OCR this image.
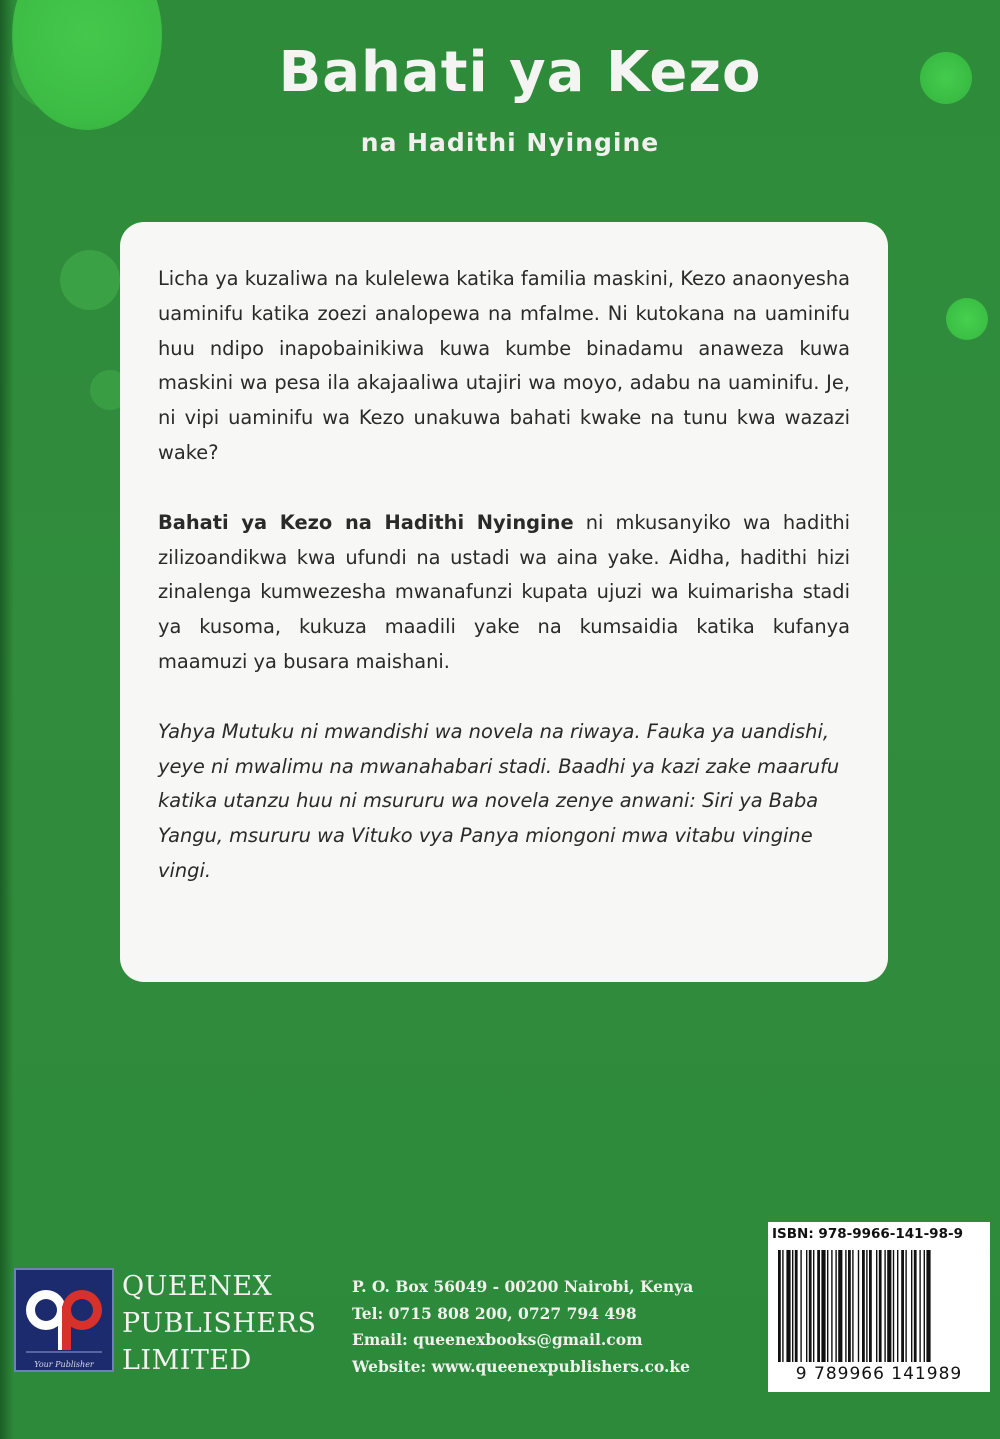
Bahati ya Kezo
na Hadithi Nyingine

Licha ya kuzaliwa na kulelewa katika familia maskini, Kezo anaonyesha uaminifu katika zoezi analopewa na mfalme. Ni kutokana na uaminifu huu ndipo inapobainikiwa kuwa kumbe binadamu anaweza kuwa maskini wa pesa ila akajaaliwa utajiri wa moyo, adabu na uaminifu. Je, ni vipi uaminifu wa Kezo unakuwa bahati kwake na tunu kwa wazazi wake?

Bahati ya Kezo na Hadithi Nyingine ni mkusanyiko wa hadithi zilizoandikwa kwa ufundi na ustadi wa aina yake. Aidha, hadithi hizi zinalenga kumwezesha mwanafunzi kupata ujuzi wa kuimarisha stadi ya kusoma, kukuza maadili yake na kumsaidia katika kufanya maamuzi ya busara maishani.

Yahya Mutuku ni mwandishi wa novela na riwaya. Fauka ya uandishi, yeye ni mwalimu na mwanahabari stadi. Baadhi ya kazi zake maarufu katika utanzu huu ni msururu wa novela zenye anwani: Siri ya Baba Yangu, msururu wa Vituko vya Panya miongoni mwa vitabu vingine vingi.

ISBN: 978-9966-141-98-9
9 789966 141989
Your Publisher
QUEENEX
PUBLISHERS
LIMITED
P. O. Box 56049 - 00200 Nairobi, Kenya
Tel: 0715 808 200, 0727 794 498
Email: queenexbooks@gmail.com
Website: www.queenexpublishers.co.ke
